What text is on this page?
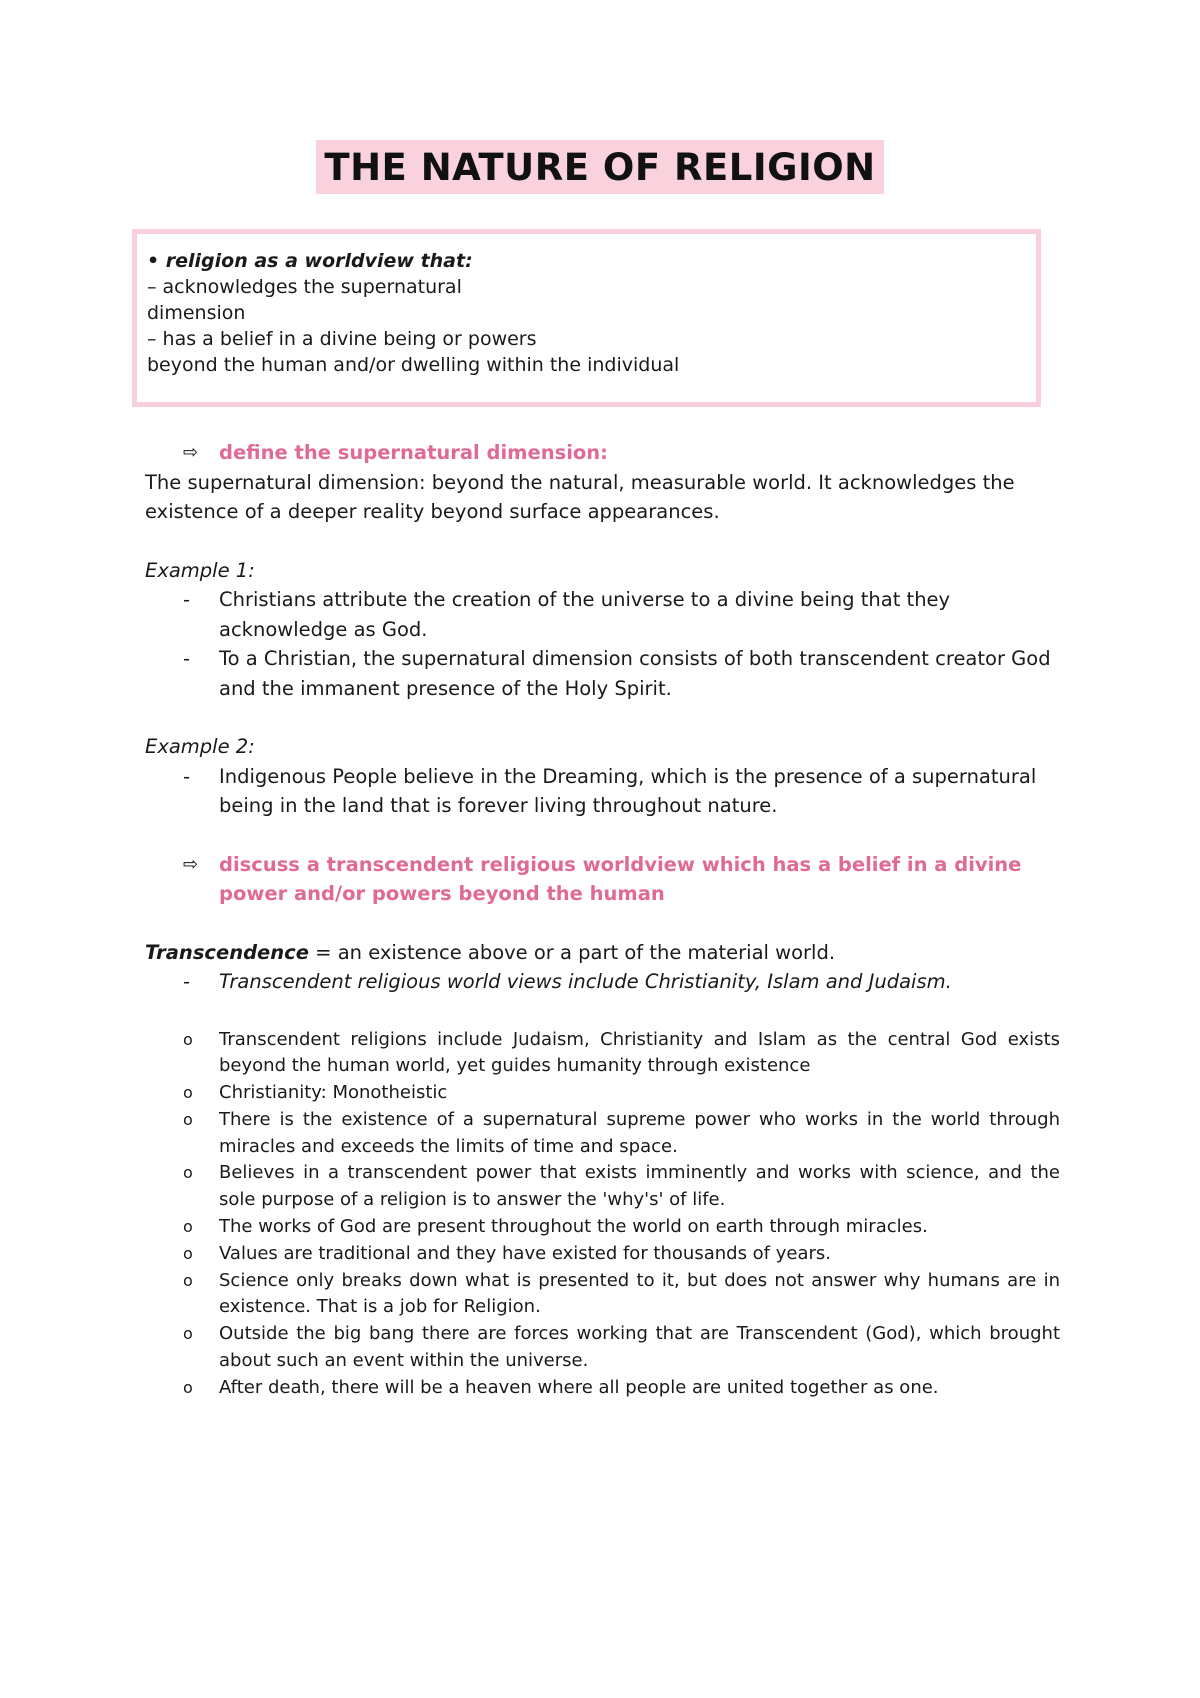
THE NATURE OF RELIGION

• religion as a worldview that:

– acknowledges the supernatural

dimension

– has a belief in a divine being or powers

beyond the human and/or dwelling within the individual

⇨	define the supernatural dimension:

The supernatural dimension: beyond the natural, measurable world. It acknowledges the existence of a deeper reality beyond surface appearances.

Example 1:

-	Christians attribute the creation of the universe to a divine being that they acknowledge as God.
-	To a Christian, the supernatural dimension consists of both transcendent creator God and the immanent presence of the Holy Spirit.

Example 2:

-	Indigenous People believe in the Dreaming, which is the presence of a supernatural being in the land that is forever living throughout nature.
⇨	discuss a transcendent religious worldview which has a belief in a divine power and/or powers beyond the human

Transcendence = an existence above or a part of the material world.

-	Transcendent religious world views include Christianity, Islam and Judaism.
o	Transcendent religions include Judaism, Christianity and Islam as the central God exists beyond the human world, yet guides humanity through existence
o	Christianity: Monotheistic
o	There is the existence of a supernatural supreme power who works in the world through miracles and exceeds the limits of time and space.
o	Believes in a transcendent power that exists imminently and works with science, and the sole purpose of a religion is to answer the 'why's' of life.
o	The works of God are present throughout the world on earth through miracles.
o	Values are traditional and they have existed for thousands of years.
o	Science only breaks down what is presented to it, but does not answer why humans are in existence. That is a job for Religion.
o	Outside the big bang there are forces working that are Transcendent (God), which brought about such an event within the universe.
o	After death, there will be a heaven where all people are united together as one.
